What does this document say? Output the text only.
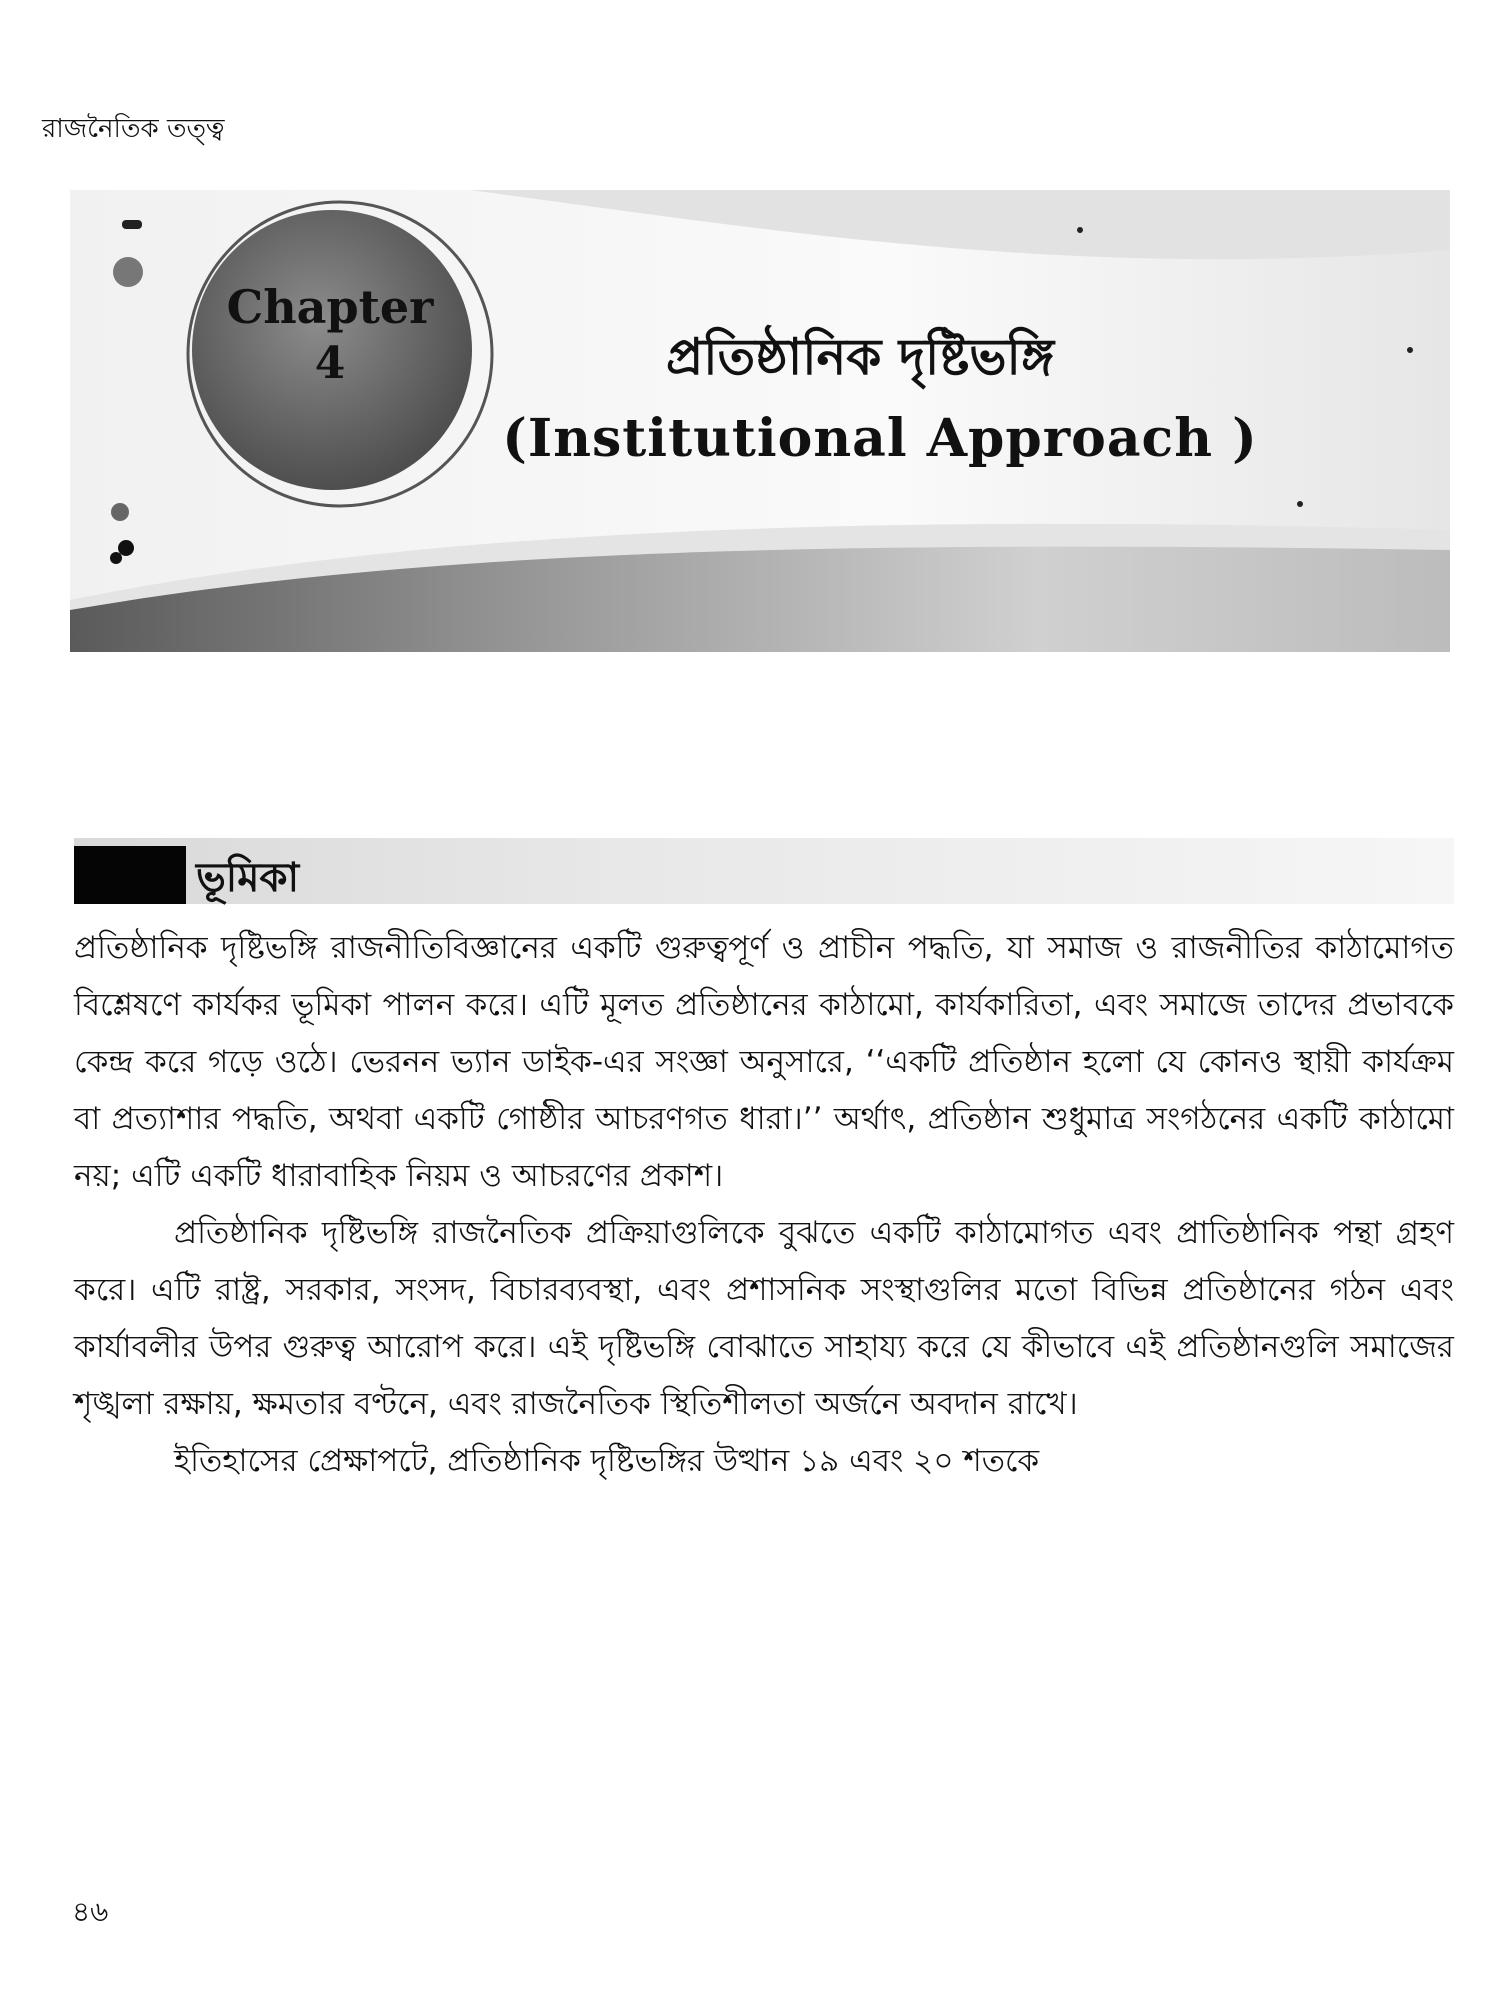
রাজনৈতিক তত্ত্ব
Chapter
4	প্রতিষ্ঠানিক দৃষ্টিভঙ্গি
(Institutional Approach )
ভূমিকা

প্রতিষ্ঠানিক দৃষ্টিভঙ্গি রাজনীতিবিজ্ঞানের একটি গুরুত্বপূর্ণ ও প্রাচীন পদ্ধতি, যা সমাজ ও রাজনীতির কাঠামোগত বিশ্লেষণে কার্যকর ভূমিকা পালন করে। এটি মূলত প্রতিষ্ঠানের কাঠামো, কার্যকারিতা, এবং সমাজে তাদের প্রভাবকে কেন্দ্র করে গড়ে ওঠে। ভেরনন ভ্যান ডাইক-এর সংজ্ঞা অনুসারে, ‘‘একটি প্রতিষ্ঠান হলো যে কোনও স্থায়ী কার্যক্রম বা প্রত্যাশার পদ্ধতি, অথবা একটি গোষ্ঠীর আচরণগত ধারা।’’ অর্থাৎ, প্রতিষ্ঠান শুধুমাত্র সংগঠনের একটি কাঠামো নয়; এটি একটি ধারাবাহিক নিয়ম ও আচরণের প্রকাশ।

প্রতিষ্ঠানিক দৃষ্টিভঙ্গি রাজনৈতিক প্রক্রিয়াগুলিকে বুঝতে একটি কাঠামোগত এবং প্রাতিষ্ঠানিক পন্থা গ্রহণ করে। এটি রাষ্ট্র, সরকার, সংসদ, বিচারব্যবস্থা, এবং প্রশাসনিক সংস্থাগুলির মতো বিভিন্ন প্রতিষ্ঠানের গঠন এবং কার্যাবলীর উপর গুরুত্ব আরোপ করে। এই দৃষ্টিভঙ্গি বোঝাতে সাহায্য করে যে কীভাবে এই প্রতিষ্ঠানগুলি সমাজের শৃঙ্খলা রক্ষায়, ক্ষমতার বণ্টনে, এবং রাজনৈতিক স্থিতিশীলতা অর্জনে অবদান রাখে।

ইতিহাসের প্রেক্ষাপটে, প্রতিষ্ঠানিক দৃষ্টিভঙ্গির উত্থান ১৯ এবং ২০ শতকে

৪৬
